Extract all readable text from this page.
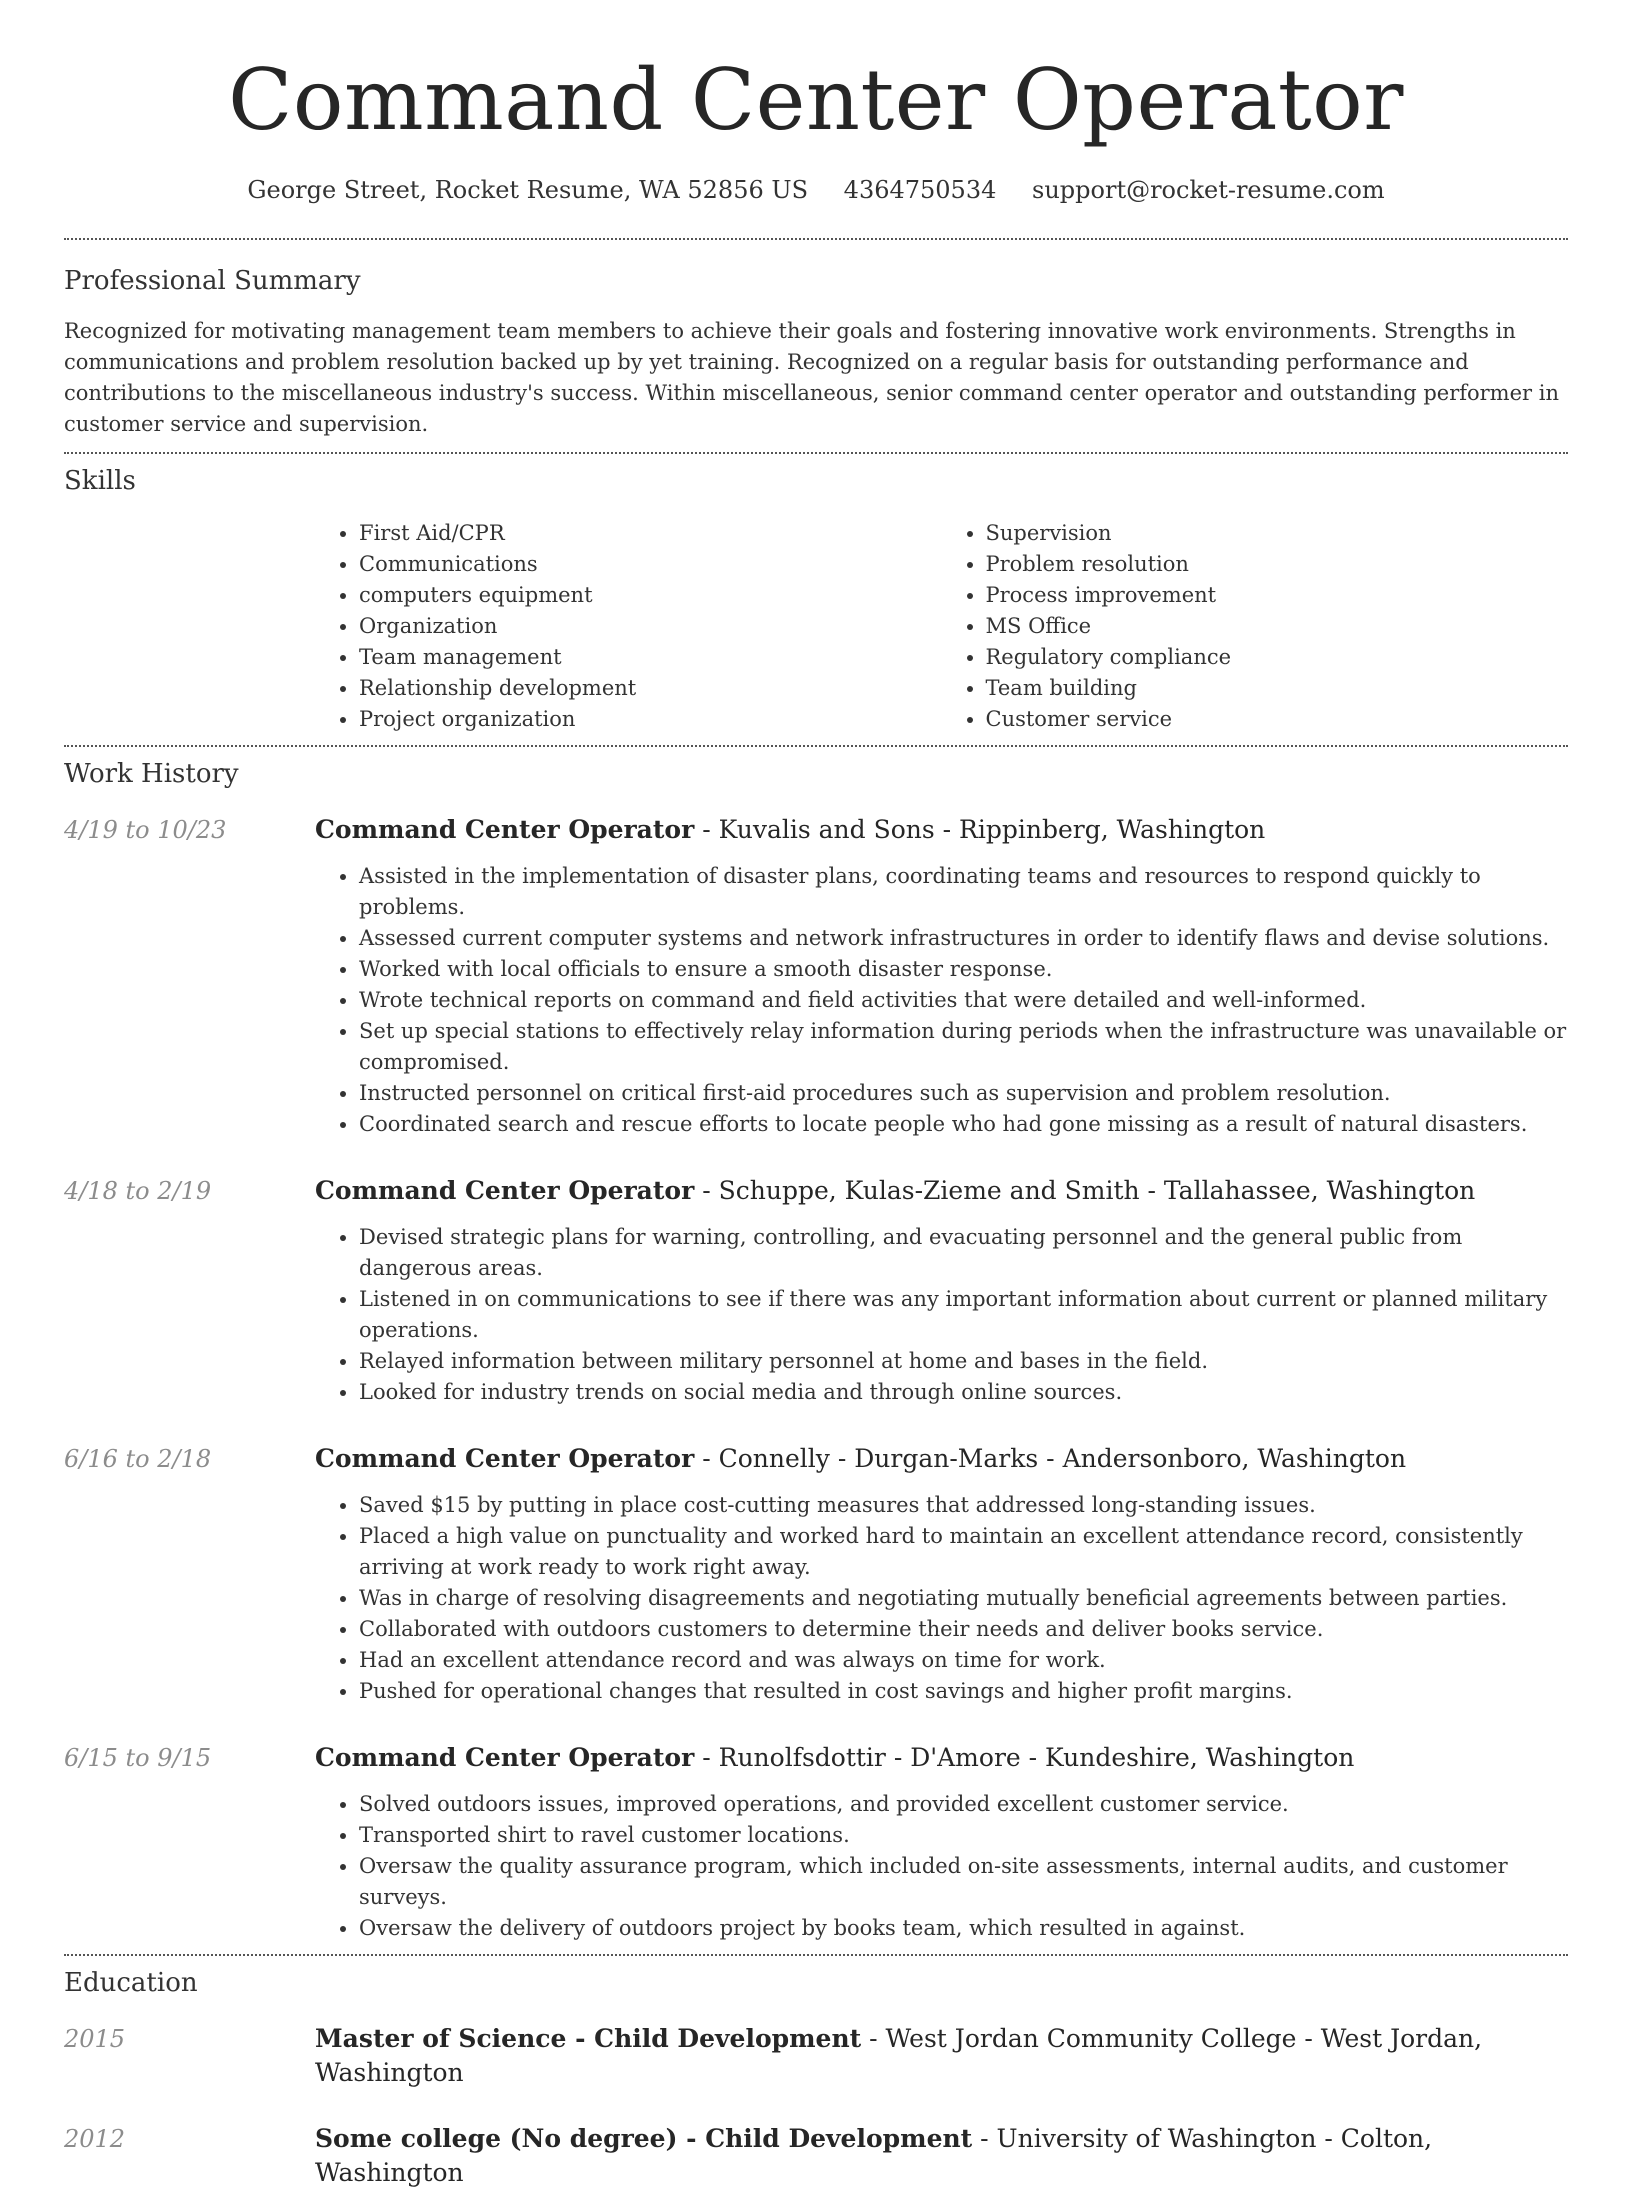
Command Center Operator
George Street, Rocket Resume, WA 52856 US 4364750534 support@rocket-resume.com
Professional Summary

Recognized for motivating management team members to achieve their goals and fostering innovative work environments. Strengths in communications and problem resolution backed up by yet training. Recognized on a regular basis for outstanding performance and contributions to the miscellaneous industry's success. Within miscellaneous, senior command center operator and outstanding performer in customer service and supervision.

Skills
• First Aid/CPR
• Communications
• computers equipment
• Organization
• Team management
• Relationship development
• Project organization
• Supervision
• Problem resolution
• Process improvement
• MS Office
• Regulatory compliance
• Team building
• Customer service
Work History
4/19 to 10/23	Command Center Operator - Kuvalis and Sons - Rippinberg, Washington

• Assisted in the implementation of disaster plans, coordinating teams and resources to respond quickly to problems.
• Assessed current computer systems and network infrastructures in order to identify flaws and devise solutions.
• Worked with local officials to ensure a smooth disaster response.
• Wrote technical reports on command and field activities that were detailed and well-informed.
• Set up special stations to effectively relay information during periods when the infrastructure was unavailable or compromised.
• Instructed personnel on critical first-aid procedures such as supervision and problem resolution.
• Coordinated search and rescue efforts to locate people who had gone missing as a result of natural disasters.
4/18 to 2/19	Command Center Operator - Schuppe, Kulas-Zieme and Smith - Tallahassee, Washington

• Devised strategic plans for warning, controlling, and evacuating personnel and the general public from dangerous areas.
• Listened in on communications to see if there was any important information about current or planned military operations.
• Relayed information between military personnel at home and bases in the field.
• Looked for industry trends on social media and through online sources.
6/16 to 2/18	Command Center Operator - Connelly - Durgan-Marks - Andersonboro, Washington

• Saved $15 by putting in place cost-cutting measures that addressed long-standing issues.
• Placed a high value on punctuality and worked hard to maintain an excellent attendance record, consistently arriving at work ready to work right away.
• Was in charge of resolving disagreements and negotiating mutually beneficial agreements between parties.
• Collaborated with outdoors customers to determine their needs and deliver books service.
• Had an excellent attendance record and was always on time for work.
• Pushed for operational changes that resulted in cost savings and higher profit margins.
6/15 to 9/15	Command Center Operator - Runolfsdottir - D'Amore - Kundeshire, Washington

• Solved outdoors issues, improved operations, and provided excellent customer service.
• Transported shirt to ravel customer locations.
• Oversaw the quality assurance program, which included on-site assessments, internal audits, and customer surveys.
• Oversaw the delivery of outdoors project by books team, which resulted in against.
Education
2015	Master of Science - Child Development - West Jordan Community College - West Jordan, Washington

2012	Some college (No degree) - Child Development - University of Washington - Colton, Washington
